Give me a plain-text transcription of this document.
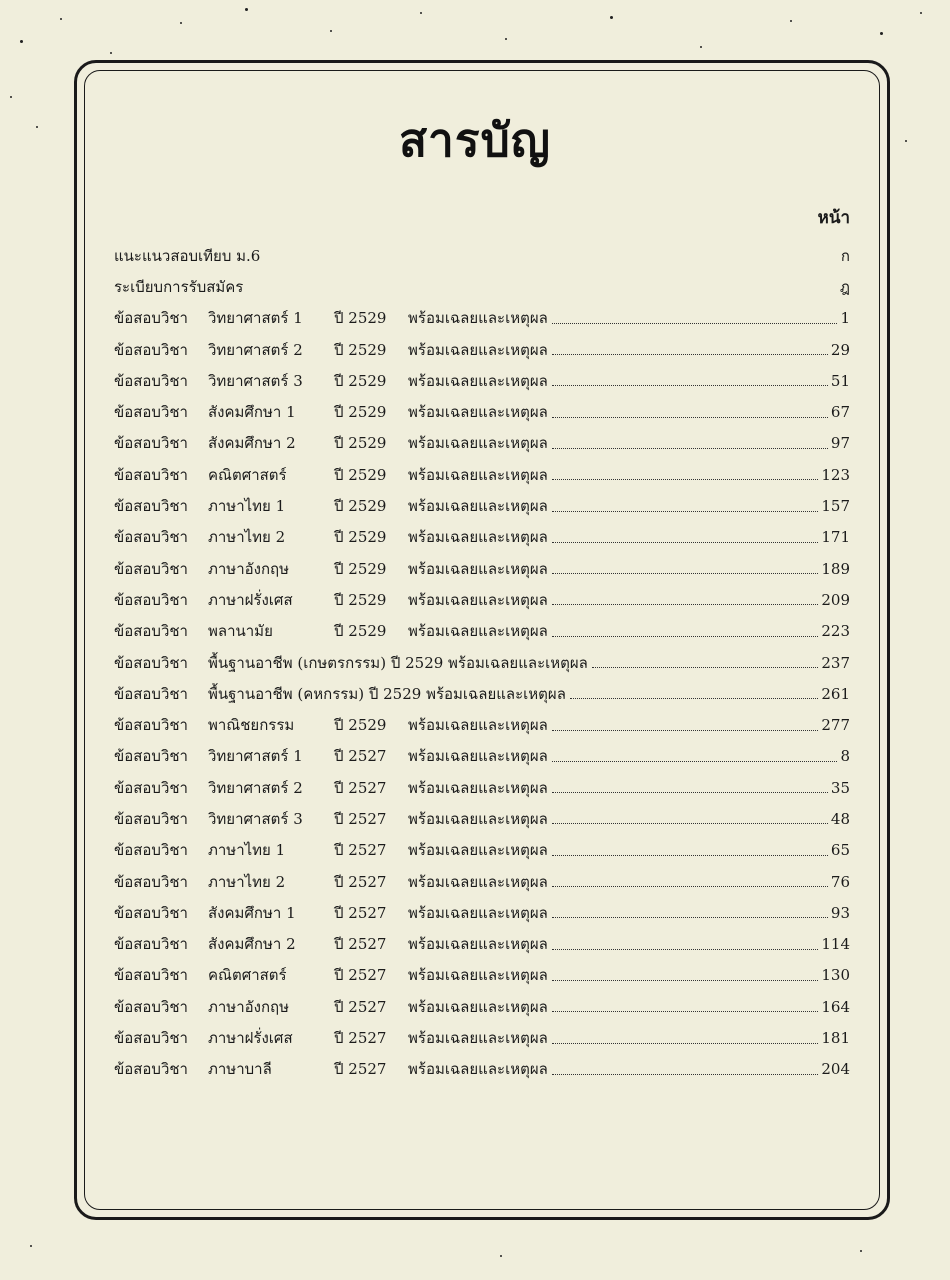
สารบัญ
หน้า
แนะแนวสอบเทียบ ม.6	ก
ระเบียบการรับสมัคร	ฎ
ข้อสอบวิชา	วิทยาศาสตร์ 1	ปี 2529	พร้อมเฉลยและเหตุผล	1
ข้อสอบวิชา	วิทยาศาสตร์ 2	ปี 2529	พร้อมเฉลยและเหตุผล	29
ข้อสอบวิชา	วิทยาศาสตร์ 3	ปี 2529	พร้อมเฉลยและเหตุผล	51
ข้อสอบวิชา	สังคมศึกษา 1	ปี 2529	พร้อมเฉลยและเหตุผล	67
ข้อสอบวิชา	สังคมศึกษา 2	ปี 2529	พร้อมเฉลยและเหตุผล	97
ข้อสอบวิชา	คณิตศาสตร์	ปี 2529	พร้อมเฉลยและเหตุผล	123
ข้อสอบวิชา	ภาษาไทย 1	ปี 2529	พร้อมเฉลยและเหตุผล	157
ข้อสอบวิชา	ภาษาไทย 2	ปี 2529	พร้อมเฉลยและเหตุผล	171
ข้อสอบวิชา	ภาษาอังกฤษ	ปี 2529	พร้อมเฉลยและเหตุผล	189
ข้อสอบวิชา	ภาษาฝรั่งเศส	ปี 2529	พร้อมเฉลยและเหตุผล	209
ข้อสอบวิชา	พลานามัย	ปี 2529	พร้อมเฉลยและเหตุผล	223
ข้อสอบวิชา	พื้นฐานอาชีพ (เกษตรกรรม) ปี 2529 พร้อมเฉลยและเหตุผล	237
ข้อสอบวิชา	พื้นฐานอาชีพ (คหกรรม) ปี 2529 พร้อมเฉลยและเหตุผล	261
ข้อสอบวิชา	พาณิชยกรรม	ปี 2529	พร้อมเฉลยและเหตุผล	277
ข้อสอบวิชา	วิทยาศาสตร์ 1	ปี 2527	พร้อมเฉลยและเหตุผล	8
ข้อสอบวิชา	วิทยาศาสตร์ 2	ปี 2527	พร้อมเฉลยและเหตุผล	35
ข้อสอบวิชา	วิทยาศาสตร์ 3	ปี 2527	พร้อมเฉลยและเหตุผล	48
ข้อสอบวิชา	ภาษาไทย 1	ปี 2527	พร้อมเฉลยและเหตุผล	65
ข้อสอบวิชา	ภาษาไทย 2	ปี 2527	พร้อมเฉลยและเหตุผล	76
ข้อสอบวิชา	สังคมศึกษา 1	ปี 2527	พร้อมเฉลยและเหตุผล	93
ข้อสอบวิชา	สังคมศึกษา 2	ปี 2527	พร้อมเฉลยและเหตุผล	114
ข้อสอบวิชา	คณิตศาสตร์	ปี 2527	พร้อมเฉลยและเหตุผล	130
ข้อสอบวิชา	ภาษาอังกฤษ	ปี 2527	พร้อมเฉลยและเหตุผล	164
ข้อสอบวิชา	ภาษาฝรั่งเศส	ปี 2527	พร้อมเฉลยและเหตุผล	181
ข้อสอบวิชา	ภาษาบาลี	ปี 2527	พร้อมเฉลยและเหตุผล	204
